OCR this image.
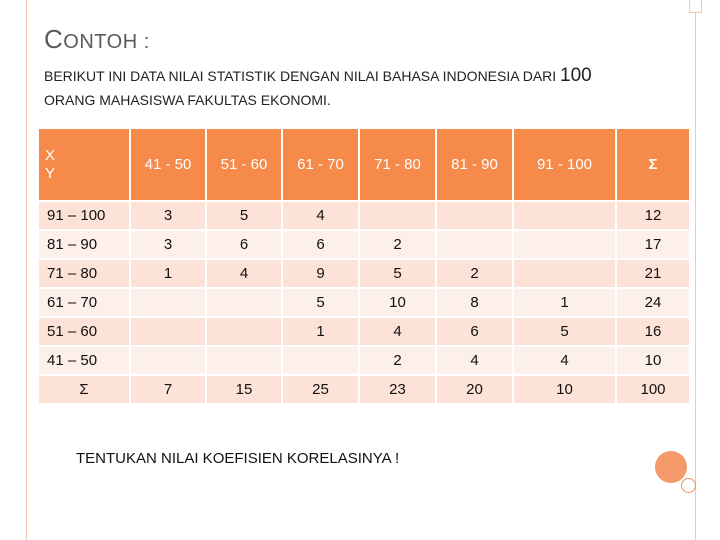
CONTOH :
BERIKUT INI DATA NILAI STATISTIK DENGAN NILAI BAHASA INDONESIA DARI 100 ORANG MAHASISWA FAKULTAS EKONOMI.
X
Y	41 - 50	51 - 60	61 - 70	71 - 80	81 - 90	91 - 100	Σ
91 – 100	3	5	4				12
81 – 90	3	6	6	2			17
71 – 80	1	4	9	5	2		21
61 – 70			5	10	8	1	24
51 – 60			1	4	6	5	16
41 – 50				2	4	4	10
Σ	7	15	25	23	20	10	100
TENTUKAN NILAI KOEFISIEN KORELASINYA !
